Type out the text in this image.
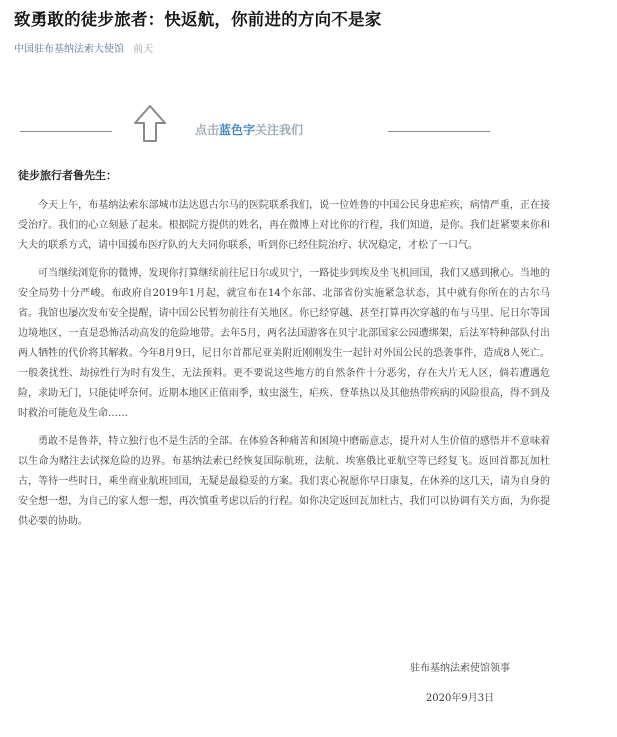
致勇敢的徒步旅者：快返航，你前进的方向不是家
中国驻布基纳法索大使馆 前天
点击蓝色字关注我们
徒步旅行者鲁先生：

今天上午，布基纳法索东部城市法达恩古尔马的医院联系我们，说一位姓鲁的中国公民身患疟疾，病情严重，正在接受治疗。我们的心立刻悬了起来。根据院方提供的姓名，再在微博上对比你的行程，我们知道，是你。我们赶紧要来你和大夫的联系方式，请中国援布医疗队的大夫同你联系，听到你已经住院治疗、状况稳定，才松了一口气。

可当继续浏览你的微博，发现你打算继续前往尼日尔或贝宁，一路徒步到埃及坐飞机回国，我们又感到揪心。当地的安全局势十分严峻。布政府自2019年1月起，就宣布在14个东部、北部省份实施紧急状态，其中就有你所在的古尔马省。我馆也屡次发布安全提醒，请中国公民暂勿前往有关地区。你已经穿越、甚至打算再次穿越的布与马里、尼日尔等国边境地区，一直是恐怖活动高发的危险地带。去年5月，两名法国游客在贝宁北部国家公园遭绑架，后法军特种部队付出两人牺牲的代价将其解救。今年8月9日，尼日尔首都尼亚美附近刚刚发生一起针对外国公民的恐袭事件，造成8人死亡。一般袭扰性、劫掠性行为时有发生，无法预料。更不要说这些地方的自然条件十分恶劣，存在大片无人区，倘若遭遇危险，求助无门，只能徒呼奈何。近期本地区正值雨季，蚊虫滋生，疟疾、登革热以及其他热带疾病的风险很高，得不到及时救治可能危及生命……

勇敢不是鲁莽，特立独行也不是生活的全部。在体验各种痛苦和困境中磨砺意志，提升对人生价值的感悟并不意味着以生命为赌注去试探危险的边界。布基纳法索已经恢复国际航班，法航、埃塞俄比亚航空等已经复飞。返回首都瓦加杜古，等待一些时日，乘坐商业航班回国，无疑是最稳妥的方案。我们衷心祝愿你早日康复，在休养的这几天，请为自身的安全想一想，为自己的家人想一想，再次慎重考虑以后的行程。如你决定返回瓦加杜古，我们可以协调有关方面，为你提供必要的协助。

驻布基纳法索使馆领事
2020年9月3日
